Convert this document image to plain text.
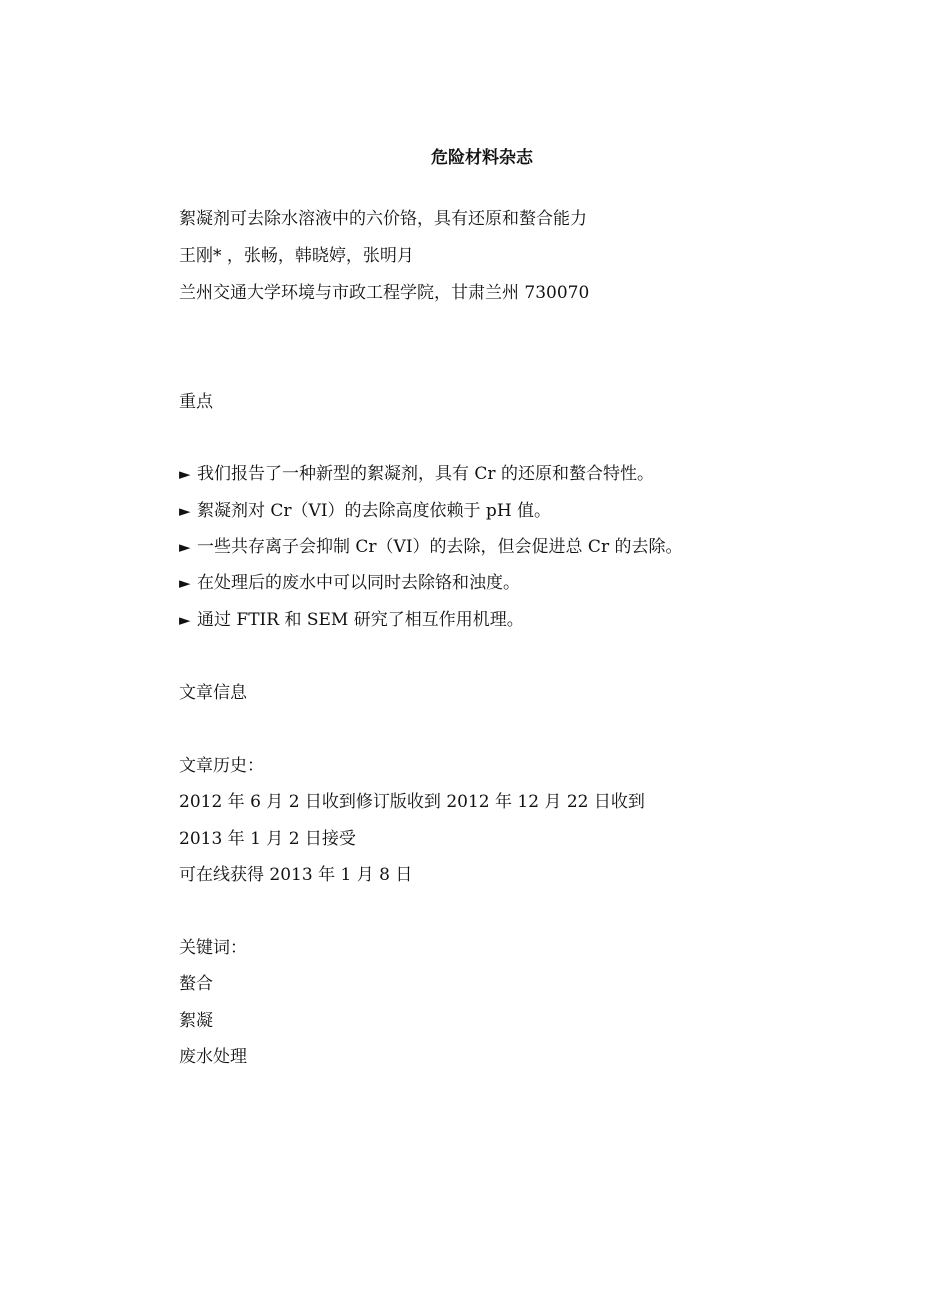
危险材料杂志
絮凝剂可去除水溶液中的六价铬，具有还原和螯合能力
王刚* ，张畅，韩晓婷，张明月
兰州交通大学环境与市政工程学院，甘肃兰州 730070
重点
► 我们报告了一种新型的絮凝剂，具有 Cr 的还原和螯合特性。
► 絮凝剂对 Cr（VI）的去除高度依赖于 pH 值。
► 一些共存离子会抑制 Cr（VI）的去除，但会促进总 Cr 的去除。
► 在处理后的废水中可以同时去除铬和浊度。
► 通过 FTIR 和 SEM 研究了相互作用机理。
文章信息
文章历史：
2012 年 6 月 2 日收到修订版收到 2012 年 12 月 22 日收到
2013 年 1 月 2 日接受
可在线获得 2013 年 1 月 8 日
关键词：
螯合
絮凝
废水处理
